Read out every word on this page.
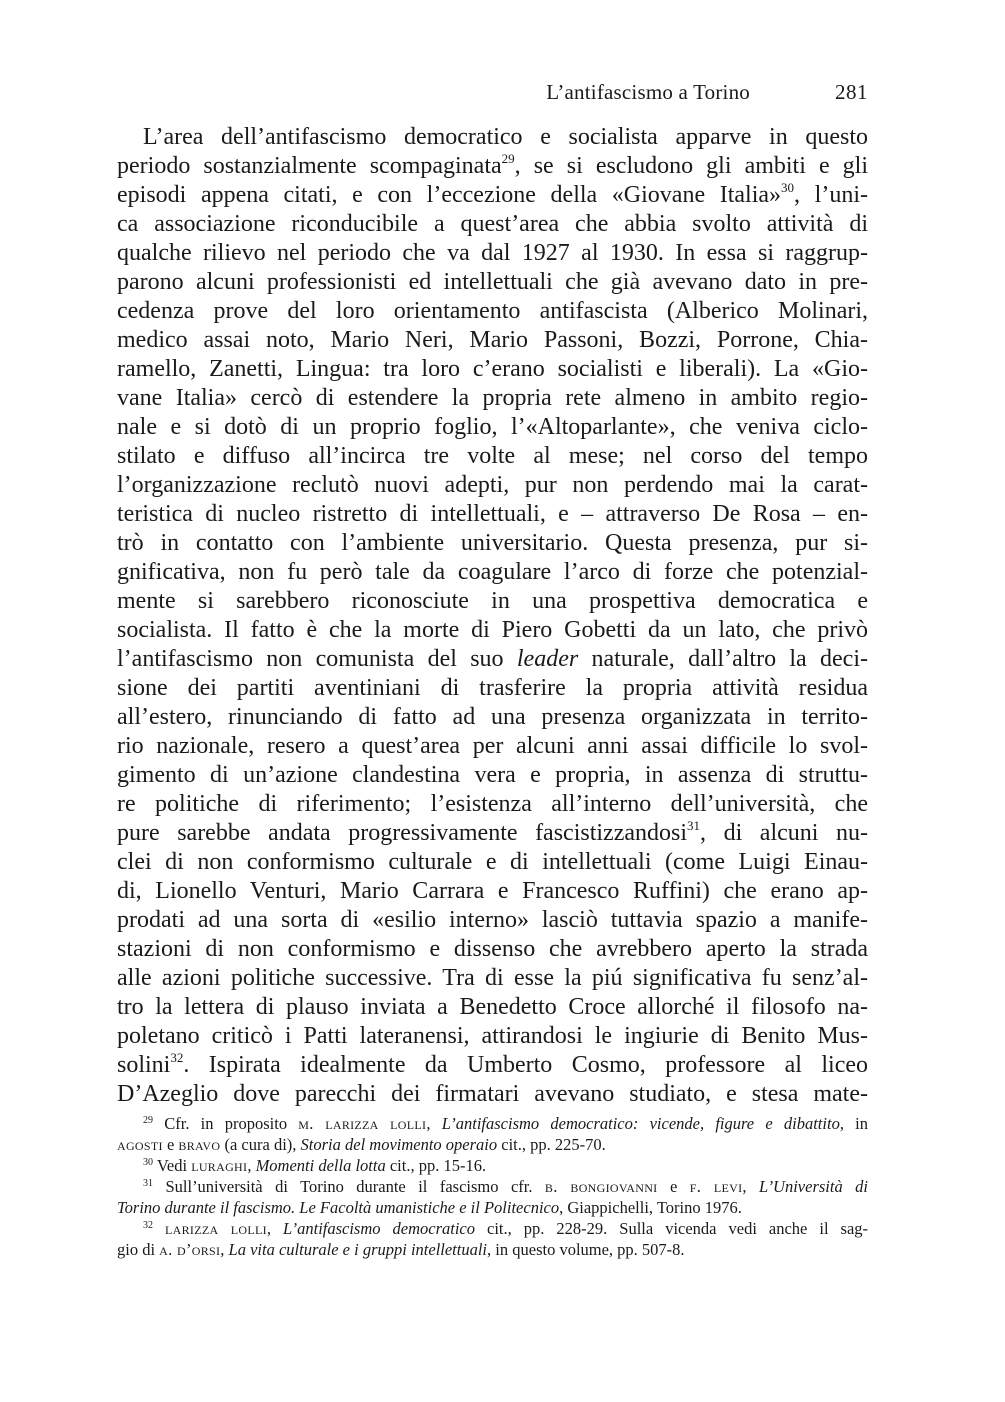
L’antifascismo a Torino	281
L’area dell’antifascismo democratico e socialista apparve in questo
periodo sostanzialmente scompaginata$^{29}$, se si escludono gli ambiti e gli
episodi appena citati, e con l’eccezione della «Giovane Italia»$^{30}$, l’uni-
ca associazione riconducibile a quest’area che abbia svolto attività di
qualche rilievo nel periodo che va dal 1927 al 1930. In essa si raggrup-
parono alcuni professionisti ed intellettuali che già avevano dato in pre-
cedenza prove del loro orientamento antifascista (Alberico Molinari,
medico assai noto, Mario Neri, Mario Passoni, Bozzi, Porrone, Chia-
ramello, Zanetti, Lingua: tra loro c’erano socialisti e liberali). La «Gio-
vane Italia» cercò di estendere la propria rete almeno in ambito regio-
nale e si dotò di un proprio foglio, l’«Altoparlante», che veniva ciclo-
stilato e diffuso all’incirca tre volte al mese; nel corso del tempo
l’organizzazione reclutò nuovi adepti, pur non perdendo mai la carat-
teristica di nucleo ristretto di intellettuali, e – attraverso De Rosa – en-
trò in contatto con l’ambiente universitario. Questa presenza, pur si-
gnificativa, non fu però tale da coagulare l’arco di forze che potenzial-
mente si sarebbero riconosciute in una prospettiva democratica e
socialista. Il fatto è che la morte di Piero Gobetti da un lato, che privò
l’antifascismo non comunista del suo leader naturale, dall’altro la deci-
sione dei partiti aventiniani di trasferire la propria attività residua
all’estero, rinunciando di fatto ad una presenza organizzata in territo-
rio nazionale, resero a quest’area per alcuni anni assai difficile lo svol-
gimento di un’azione clandestina vera e propria, in assenza di struttu-
re politiche di riferimento; l’esistenza all’interno dell’università, che
pure sarebbe andata progressivamente fascistizzandosi$^{31}$, di alcuni nu-
clei di non conformismo culturale e di intellettuali (come Luigi Einau-
di, Lionello Venturi, Mario Carrara e Francesco Ruffini) che erano ap-
prodati ad una sorta di «esilio interno» lasciò tuttavia spazio a manife-
stazioni di non conformismo e dissenso che avrebbero aperto la strada
alle azioni politiche successive. Tra di esse la piú significativa fu senz’al-
tro la lettera di plauso inviata a Benedetto Croce allorché il filosofo na-
poletano criticò i Patti lateranensi, attirandosi le ingiurie di Benito Mus-
solini$^{32}$. Ispirata idealmente da Umberto Cosmo, professore al liceo
D’Azeglio dove parecchi dei firmatari avevano studiato, e stesa mate-
$^{29}$ Cfr. in proposito m. larizza lolli, L’antifascismo democratico: vicende, figure e dibattito, in
agosti e bravo (a cura di), Storia del movimento operaio cit., pp. 225-70.
$^{30}$ Vedi luraghi, Momenti della lotta cit., pp. 15-16.
$^{31}$ Sull’università di Torino durante il fascismo cfr. b. bongiovanni e f. levi, L’Università di
Torino durante il fascismo. Le Facoltà umanistiche e il Politecnico, Giappichelli, Torino 1976.
$^{32}$ larizza lolli, L’antifascismo democratico cit., pp. 228-29. Sulla vicenda vedi anche il sag-
gio di a. d’orsi, La vita culturale e i gruppi intellettuali, in questo volume, pp. 507-8.
